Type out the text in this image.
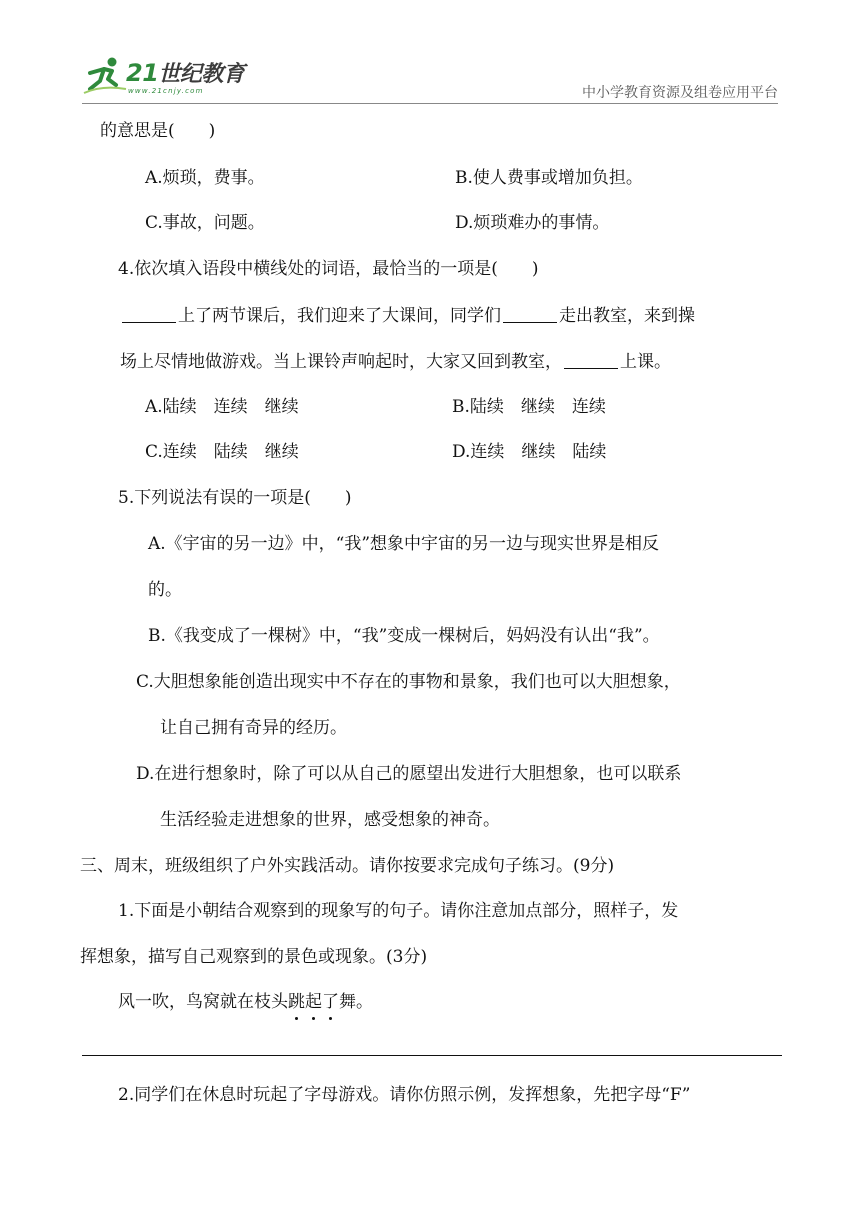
21世纪教育
www.21cnjy.com	中小学教育资源及组卷应用平台
的意思是(　　)
A.烦琐，费事。	B.使人费事或增加负担。
C.事故，问题。	D.烦琐难办的事情。
4.依次填入语段中横线处的词语，最恰当的一项是(　　)
上了两节课后，我们迎来了大课间，同学们	走出教室，来到操
场上尽情地做游戏。当上课铃声响起时，大家又回到教室，	上课。
A.陆续　连续　继续	B.陆续　继续　连续
C.连续　陆续　继续	D.连续　继续　陆续
5.下列说法有误的一项是(　　)
A.《宇宙的另一边》中，“我”想象中宇宙的另一边与现实世界是相反
的。
B.《我变成了一棵树》中，“我”变成一棵树后，妈妈没有认出“我”。
C.大胆想象能创造出现实中不存在的事物和景象，我们也可以大胆想象，
让自己拥有奇异的经历。
D.在进行想象时，除了可以从自己的愿望出发进行大胆想象，也可以联系
生活经验走进想象的世界，感受想象的神奇。
三、周末，班级组织了户外实践活动。请你按要求完成句子练习。(9分)
1.下面是小朝结合观察到的现象写的句子。请你注意加点部分，照样子，发
挥想象，描写自己观察到的景色或现象。(3分)
风一吹，鸟窝就在枝头跳起了舞。
2.同学们在休息时玩起了字母游戏。请你仿照示例，发挥想象，先把字母“F”
